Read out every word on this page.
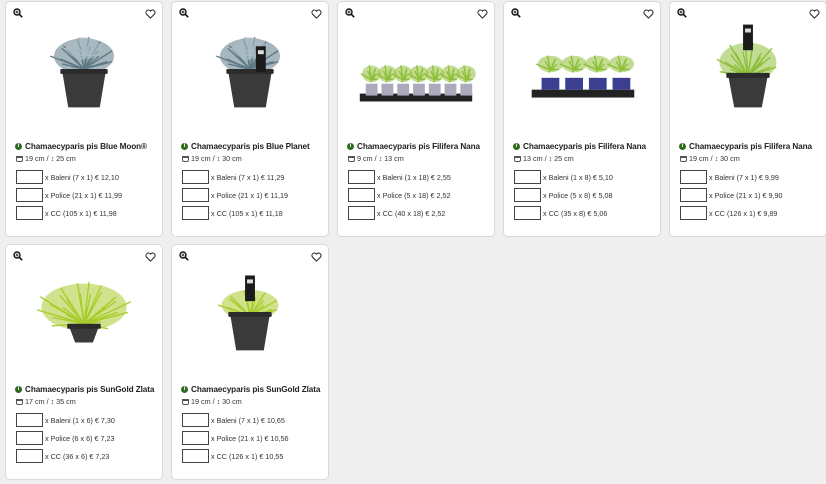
i Chamaecyparis pis Blue Moon®
19 cm / ↕ 25 cm
x Baleni (7 x 1) € 12,10
x Police (21 x 1) € 11,99
x CC (105 x 1) € 11,98
i Chamaecyparis pis Blue Planet
19 cm / ↕ 30 cm
x Baleni (7 x 1) € 11,29
x Police (21 x 1) € 11,19
x CC (105 x 1) € 11,18
i Chamaecyparis pis Filifera Nana
9 cm / ↕ 13 cm
x Baleni (1 x 18) € 2,55
x Police (5 x 18) € 2,52
x CC (40 x 18) € 2,52
i Chamaecyparis pis Filifera Nana
13 cm / ↕ 25 cm
x Baleni (1 x 8) € 5,10
x Police (5 x 8) € 5,08
x CC (35 x 8) € 5,06
i Chamaecyparis pis Filifera Nana
19 cm / ↕ 30 cm
x Baleni (7 x 1) € 9,99
x Police (21 x 1) € 9,90
x CC (126 x 1) € 9,89
i Chamaecyparis pis SunGold Zlata
17 cm / ↕ 35 cm
x Baleni (1 x 6) € 7,30
x Police (6 x 6) € 7,23
x CC (36 x 6) € 7,23
i Chamaecyparis pis SunGold Zlata
19 cm / ↕ 30 cm
x Baleni (7 x 1) € 10,65
x Police (21 x 1) € 10,56
x CC (126 x 1) € 10,55
